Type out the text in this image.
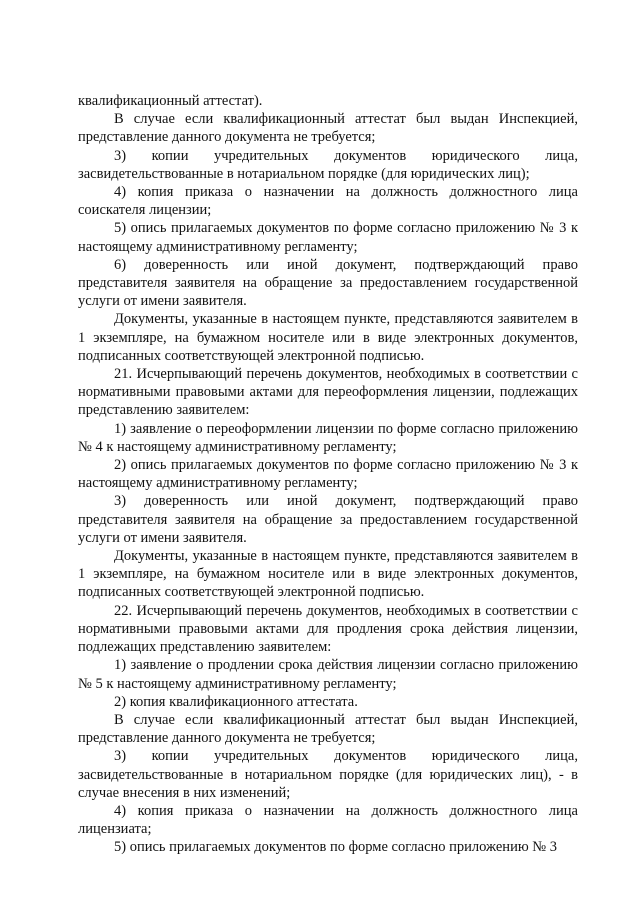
квалификационный аттестат).

В случае если квалификационный аттестат был выдан Инспекцией, представление данного документа не требуется;

3) копии учредительных документов юридического лица, засвидетельствованные в нотариальном порядке (для юридических лиц);

4) копия приказа о назначении на должность должностного лица соискателя лицензии;

5) опись прилагаемых документов по форме согласно приложению № 3 к настоящему административному регламенту;

6) доверенность или иной документ, подтверждающий право представителя заявителя на обращение за предоставлением государственной услуги от имени заявителя.

Документы, указанные в настоящем пункте, представляются заявителем в 1 экземпляре, на бумажном носителе или в виде электронных документов, подписанных соответствующей электронной подписью.

21. Исчерпывающий перечень документов, необходимых в соответствии с нормативными правовыми актами для переоформления лицензии, подлежащих представлению заявителем:

1) заявление о переоформлении лицензии по форме согласно приложению № 4 к настоящему административному регламенту;

2) опись прилагаемых документов по форме согласно приложению № 3 к настоящему административному регламенту;

3) доверенность или иной документ, подтверждающий право представителя заявителя на обращение за предоставлением государственной услуги от имени заявителя.

Документы, указанные в настоящем пункте, представляются заявителем в 1 экземпляре, на бумажном носителе или в виде электронных документов, подписанных соответствующей электронной подписью.

22. Исчерпывающий перечень документов, необходимых в соответствии с нормативными правовыми актами для продления срока действия лицензии, подлежащих представлению заявителем:

1) заявление о продлении срока действия лицензии согласно приложению № 5 к настоящему административному регламенту;

2) копия квалификационного аттестата.

В случае если квалификационный аттестат был выдан Инспекцией, представление данного документа не требуется;

3) копии учредительных документов юридического лица, засвидетельствованные в нотариальном порядке (для юридических лиц), - в случае внесения в них изменений;

4) копия приказа о назначении на должность должностного лица лицензиата;

5) опись прилагаемых документов по форме согласно приложению № 3
